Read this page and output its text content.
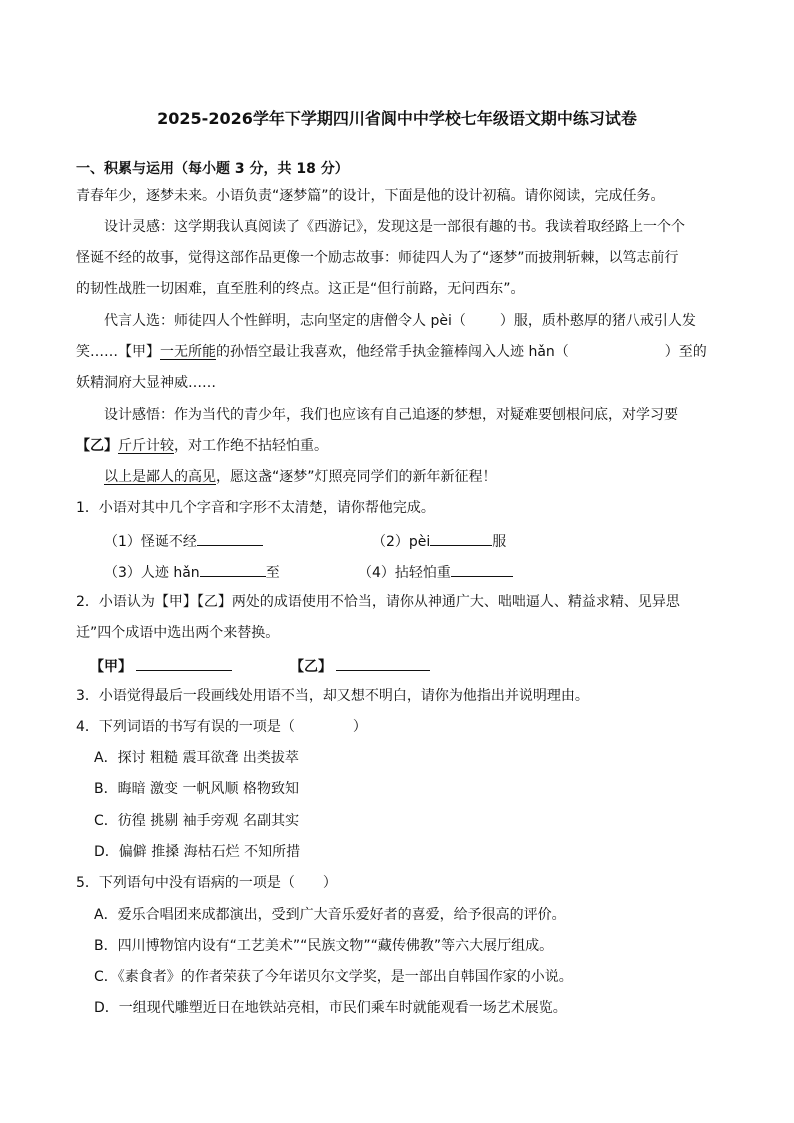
2025-2026学年下学期四川省阆中中学校七年级语文期中练习试卷
一、积累与运用（每小题 3 分，共 18 分）
青春年少，逐梦未来。小语负责“逐梦篇”的设计，下面是他的设计初稿。请你阅读，完成任务。
设计灵感：这学期我认真阅读了《西游记》，发现这是一部很有趣的书。我读着取经路上一个个
怪诞不经的故事，觉得这部作品更像一个励志故事：师徒四人为了“逐梦”而披荆斩棘，以笃志前行
的韧性战胜一切困难，直至胜利的终点。这正是“但行前路，无问西东”。
代言人选：师徒四人个性鲜明，志向坚定的唐僧令人 pèi（ ）服，质朴憨厚的猪八戒引人发
笑……【甲】一无所能的孙悟空最让我喜欢，他经常手执金箍棒闯入人迹 hǎn（	）至的
妖精洞府大显神威……
设计感悟：作为当代的青少年，我们也应该有自己追逐的梦想，对疑难要刨根问底，对学习要
【乙】斤斤计较，对工作绝不拈轻怕重。
以上是鄙人的高见，愿这盏“逐梦”灯照亮同学们的新年新征程！
1．小语对其中几个字音和字形不太清楚，请你帮他完成。
（1）怪诞不经	（2）pèi	服
（3）人迹 hǎn	至	（4）拈轻怕重
2．小语认为【甲】【乙】两处的成语使用不恰当，请你从神通广大、咄咄逼人、精益求精、见异思
迁”四个成语中选出两个来替换。
【甲】	【乙】
3．小语觉得最后一段画线处用语不当，却又想不明白，请你为他指出并说明理由。
4．下列词语的书写有误的一项是（	）
A．探讨 粗糙 震耳欲聋 出类拔萃
B．晦暗 激变 一帆风顺 格物致知
C．彷徨 挑剔 袖手旁观 名副其实
D．偏僻 推搡 海枯石烂 不知所措
5．下列语句中没有语病的一项是（ ）
A．爱乐合唱团来成都演出，受到广大音乐爱好者的喜爱，给予很高的评价。
B．四川博物馆内设有“工艺美术”“民族文物”“藏传佛教”等六大展厅组成。
C．《素食者》的作者荣获了今年诺贝尔文学奖，是一部出自韩国作家的小说。
D．一组现代雕塑近日在地铁站亮相，市民们乘车时就能观看一场艺术展览。
